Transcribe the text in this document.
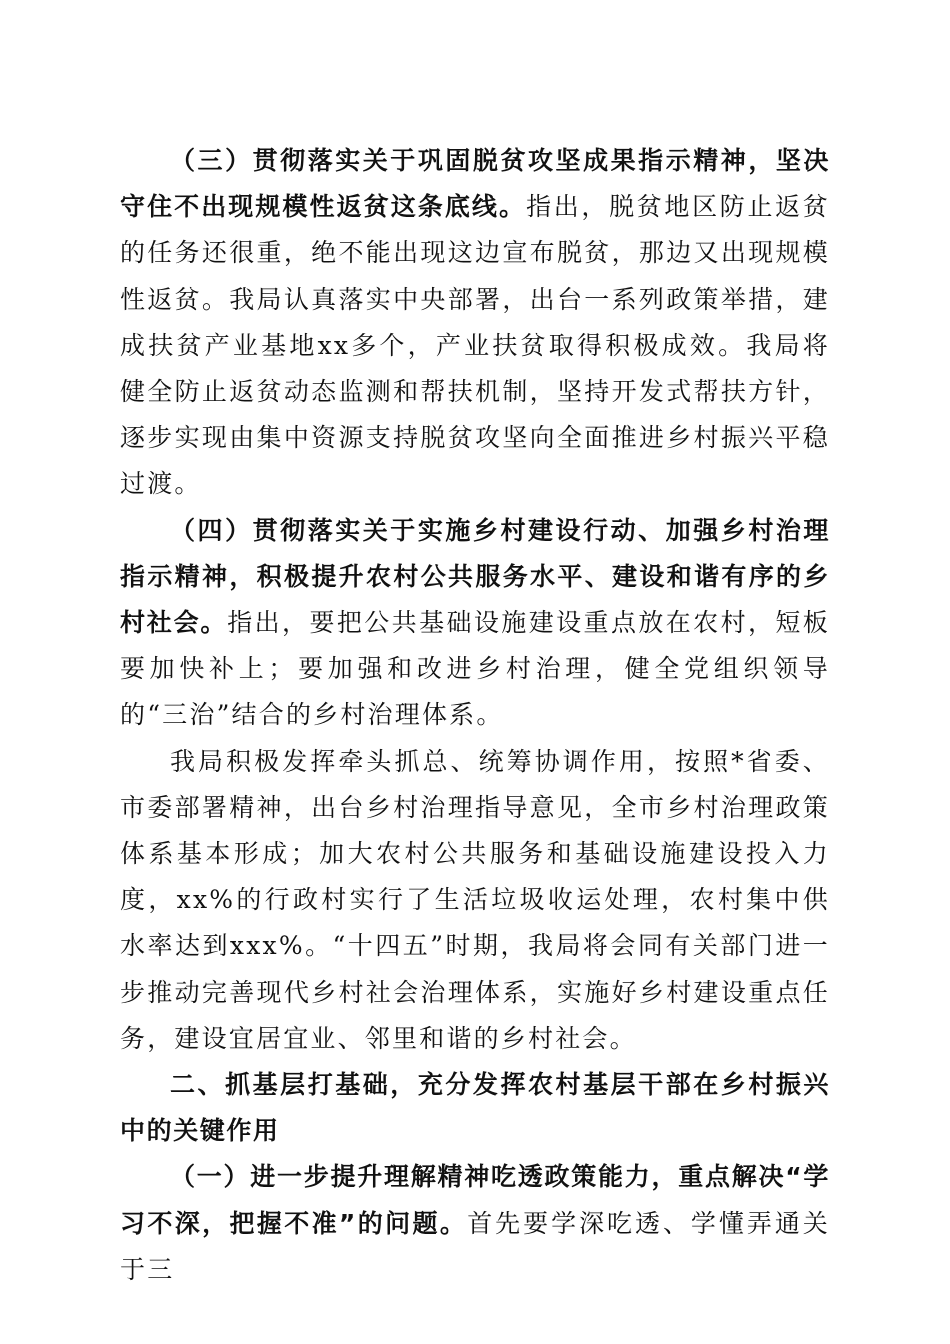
（三）贯彻落实关于巩固脱贫攻坚成果指示精神，坚决守住不出现规模性返贫这条底线。指出，脱贫地区防止返贫的任务还很重，绝不能出现这边宣布脱贫，那边又出现规模性返贫。我局认真落实中央部署，出台一系列政策举措，建成扶贫产业基地xx多个，产业扶贫取得积极成效。我局将健全防止返贫动态监测和帮扶机制，坚持开发式帮扶方针，逐步实现由集中资源支持脱贫攻坚向全面推进乡村振兴平稳过渡。

（四）贯彻落实关于实施乡村建设行动、加强乡村治理指示精神，积极提升农村公共服务水平、建设和谐有序的乡村社会。指出，要把公共基础设施建设重点放在农村，短板要加快补上；要加强和改进乡村治理，健全党组织领导的“三治”结合的乡村治理体系。

我局积极发挥牵头抓总、统筹协调作用，按照*省委、市委部署精神，出台乡村治理指导意见，全市乡村治理政策体系基本形成；加大农村公共服务和基础设施建设投入力度，xx%的行政村实行了生活垃圾收运处理，农村集中供水率达到xxx%。“十四五”时期，我局将会同有关部门进一步推动完善现代乡村社会治理体系，实施好乡村建设重点任务，建设宜居宜业、邻里和谐的乡村社会。

二、抓基层打基础，充分发挥农村基层干部在乡村振兴中的关键作用

（一）进一步提升理解精神吃透政策能力，重点解决“学习不深，把握不准”的问题。首先要学深吃透、学懂弄通关于三
